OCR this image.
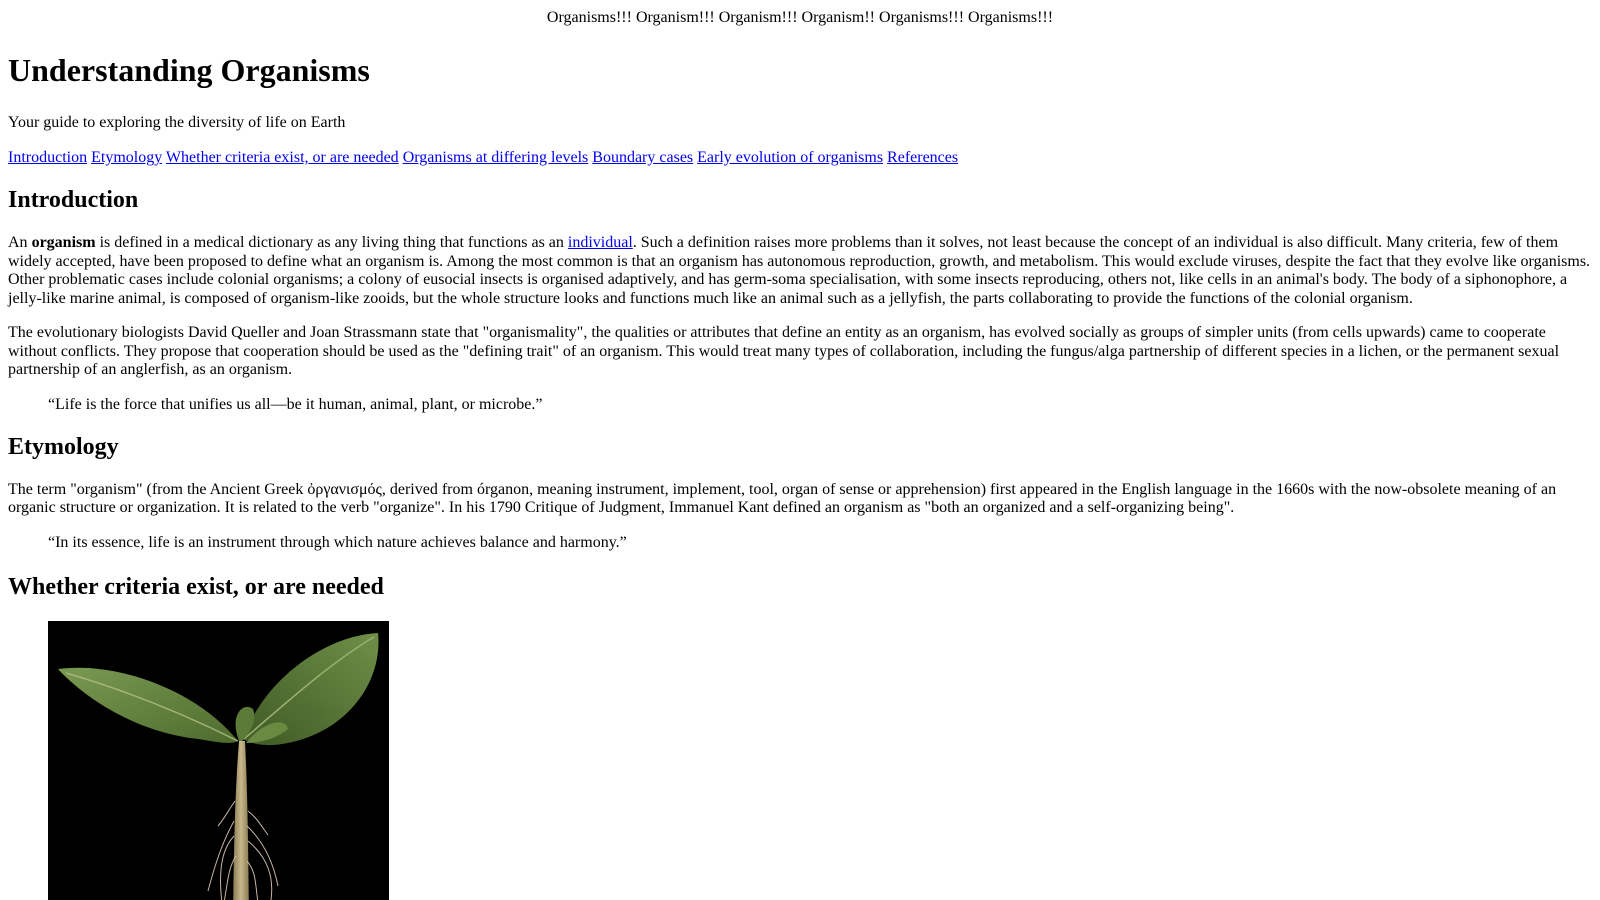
Organisms!!! Organism!!! Organism!!! Organism!! Organisms!!! Organisms!!!
Understanding Organisms

Your guide to exploring the diversity of life on Earth

Introduction Etymology Whether criteria exist, or are needed Organisms at differing levels Boundary cases Early evolution of organisms References
Introduction

An organism is defined in a medical dictionary as any living thing that functions as an individual. Such a definition raises more problems than it solves, not least because the concept of an individual is also difficult. Many criteria, few of them widely accepted, have been proposed to define what an organism is. Among the most common is that an organism has autonomous reproduction, growth, and metabolism. This would exclude viruses, despite the fact that they evolve like organisms. Other problematic cases include colonial organisms; a colony of eusocial insects is organised adaptively, and has germ-soma specialisation, with some insects reproducing, others not, like cells in an animal's body. The body of a siphonophore, a jelly-like marine animal, is composed of organism-like zooids, but the whole structure looks and functions much like an animal such as a jellyfish, the parts collaborating to provide the functions of the colonial organism.

The evolutionary biologists David Queller and Joan Strassmann state that "organismality", the qualities or attributes that define an entity as an organism, has evolved socially as groups of simpler units (from cells upwards) came to cooperate without conflicts. They propose that cooperation should be used as the "defining trait" of an organism. This would treat many types of collaboration, including the fungus/alga partnership of different species in a lichen, or the permanent sexual partnership of an anglerfish, as an organism.

“Life is the force that unifies us all—be it human, animal, plant, or microbe.”
Etymology

The term "organism" (from the Ancient Greek ὀργανισμός, derived from órganon, meaning instrument, implement, tool, organ of sense or apprehension) first appeared in the English language in the 1660s with the now-obsolete meaning of an organic structure or organization. It is related to the verb "organize". In his 1790 Critique of Judgment, Immanuel Kant defined an organism as "both an organized and a self-organizing being".

“In its essence, life is an instrument through which nature achieves balance and harmony.”
Whether criteria exist, or are needed
